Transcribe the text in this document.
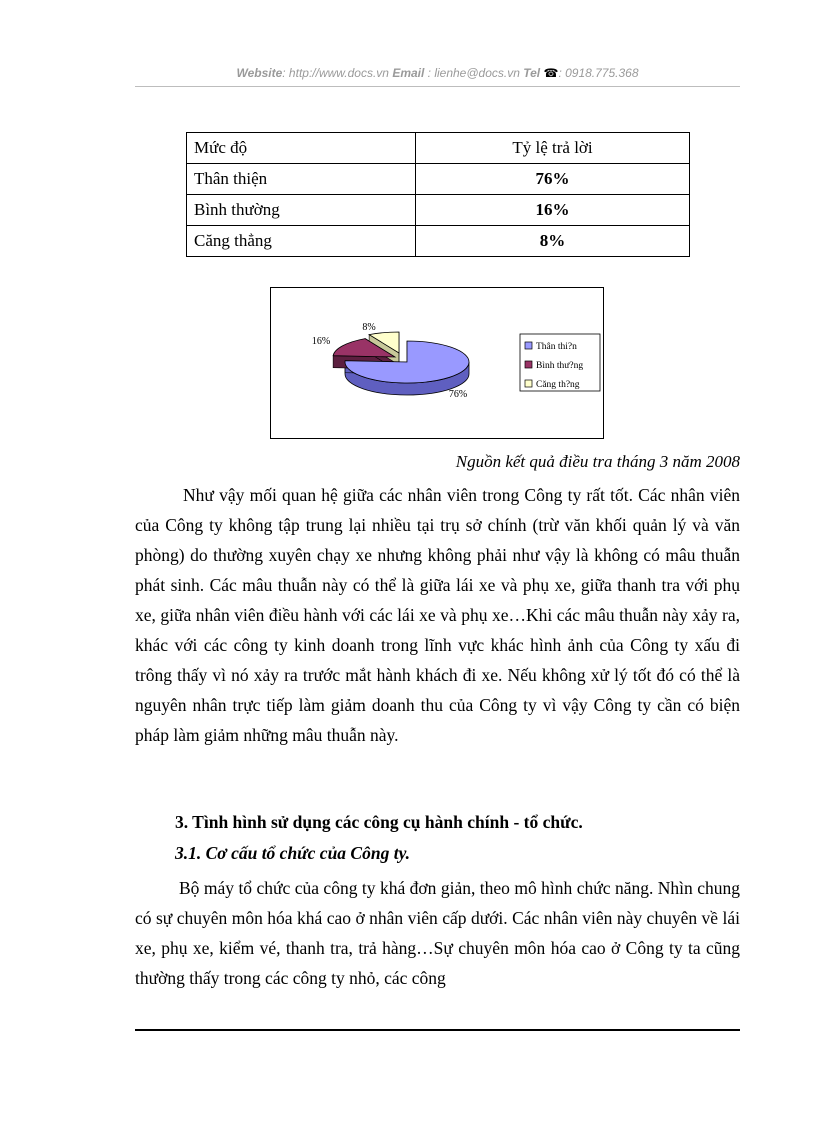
Website: http://www.docs.vn Email : lienhe@docs.vn Tel ☎: 0918.775.368
Mức độ	Tỷ lệ trả lời
Thân thiện	76%
Bình thường	16%
Căng thẳng	8%
76%
16%
8%
Thân thi?n
Bình thư?ng
Căng th?ng
Nguồn kết quả điều tra tháng 3 năm 2008
Như vậy mối quan hệ giữa các nhân viên trong Công ty rất tốt. Các nhân viên của Công ty không tập trung lại nhiều tại trụ sở chính (trừ văn khối quản lý và văn phòng) do thường xuyên chạy xe nhưng không phải như vậy là không có mâu thuẫn phát sinh. Các mâu thuẫn này có thể là giữa lái xe và phụ xe, giữa thanh tra với phụ xe, giữa nhân viên điều hành với các lái xe và phụ xe…Khi các mâu thuẫn này xảy ra, khác với các công ty kinh doanh trong lĩnh vực khác hình ảnh của Công ty xấu đi trông thấy vì nó xảy ra trước mắt hành khách đi xe. Nếu không xử lý tốt đó có thể là nguyên nhân trực tiếp làm giảm doanh thu của Công ty vì vậy Công ty cần có biện pháp làm giảm những mâu thuẫn này.
3. Tình hình sử dụng các công cụ hành chính - tổ chức.
3.1. Cơ cấu tổ chức của Công ty.
Bộ máy tổ chức của công ty khá đơn giản, theo mô hình chức năng. Nhìn chung có sự chuyên môn hóa khá cao ở nhân viên cấp dưới. Các nhân viên này chuyên về lái xe, phụ xe, kiểm vé, thanh tra, trả hàng…Sự chuyên môn hóa cao ở Công ty ta cũng thường thấy trong các công ty nhỏ, các công
